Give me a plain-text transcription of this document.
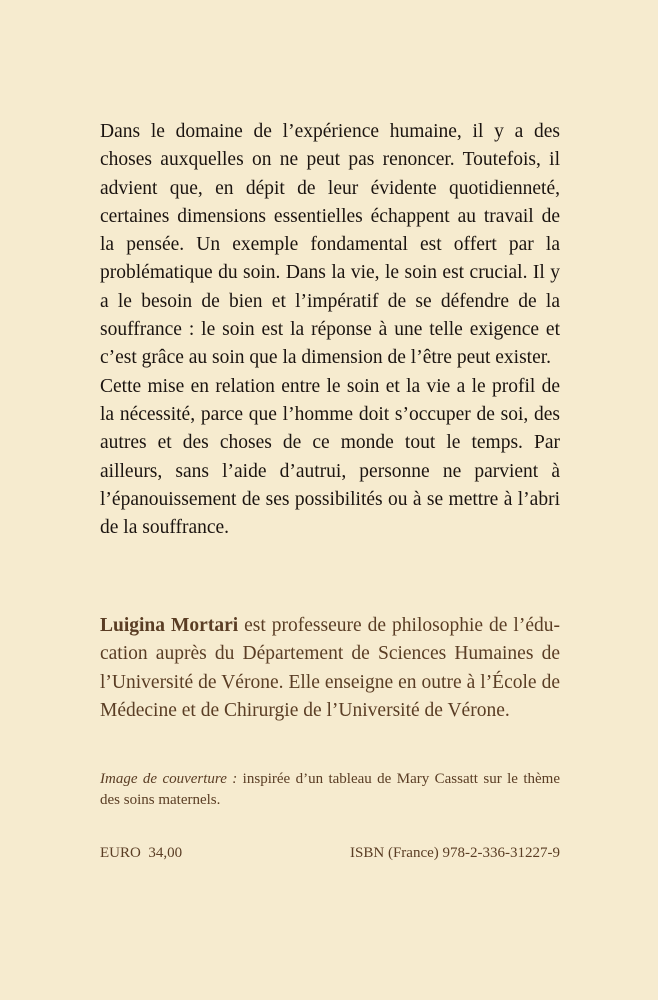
Dans le domaine de l’expérience humaine, il y a des choses auxquelles on ne peut pas renoncer. Toutefois, il advient que, en dépit de leur évidente quotidienneté, certaines dimensions essentielles échappent au travail de la pensée. Un exemple fondamental est offert par la problématique du soin. Dans la vie, le soin est crucial. Il y a le besoin de bien et l’impératif de se défendre de la souffrance : le soin est la réponse à une telle exigence et c’est grâce au soin que la dimension de l’être peut exister.

Cette mise en relation entre le soin et la vie a le profil de la nécessité, parce que l’homme doit s’occuper de soi, des autres et des choses de ce monde tout le temps. Par ailleurs, sans l’aide d’autrui, personne ne parvient à l’épanouissement de ses possibilités ou à se mettre à l’abri de la souffrance.

Luigina Mortari est professeure de philosophie de l’éducation auprès du Département de Sciences Humaines de l’Université de Vérone. Elle enseigne en outre à l’École de Médecine et de Chirurgie de l’Université de Vérone.

Image de couverture : inspirée d’un tableau de Mary Cassatt sur le thème des soins maternels.

EURO  34,00	ISBN (France) 978-2-336-31227-9
